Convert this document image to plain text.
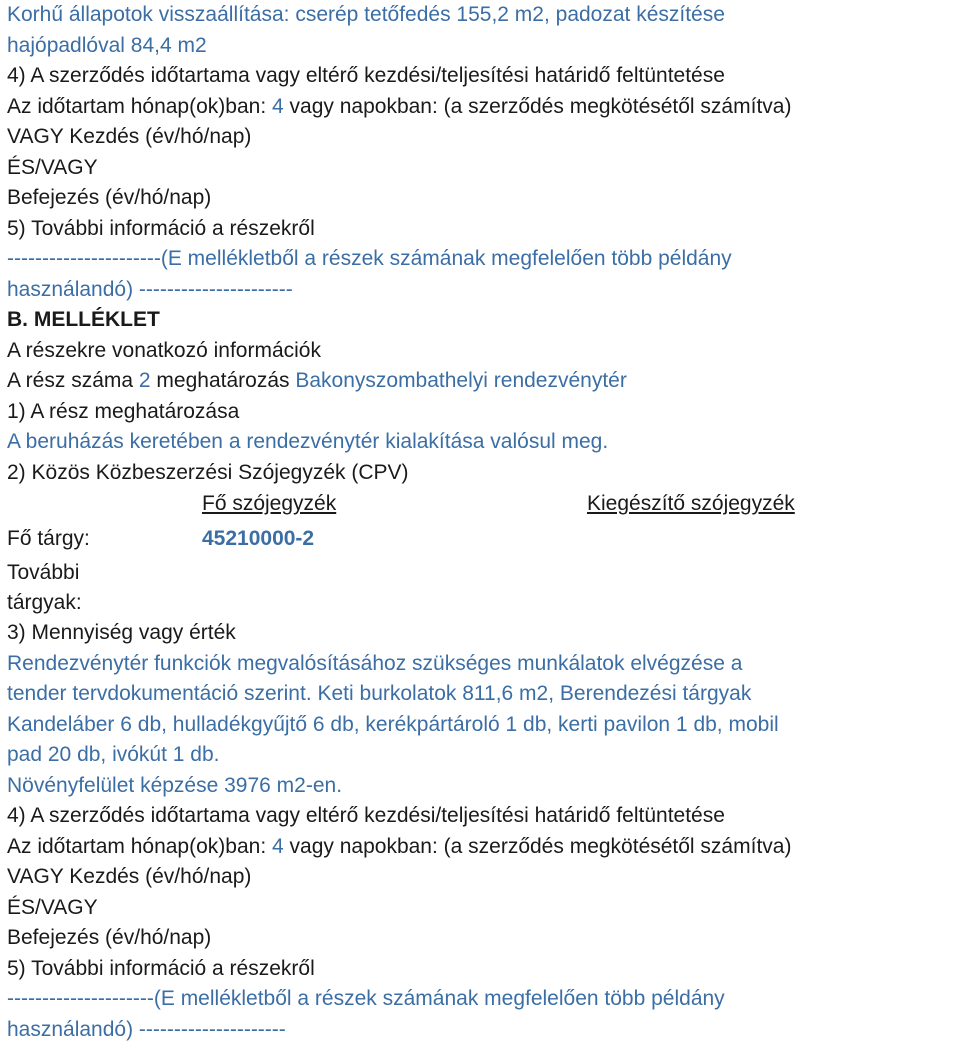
Korhű állapotok visszaállítása: cserép tetőfedés 155,2 m2, padozat készítése
hajópadlóval 84,4 m2
4) A szerződés időtartama vagy eltérő kezdési/teljesítési határidő feltüntetése
Az időtartam hónap(ok)ban: 4 vagy napokban: (a szerződés megkötésétől számítva)
VAGY Kezdés (év/hó/nap)
ÉS/VAGY
Befejezés (év/hó/nap)
5) További információ a részekről
----------------------(E mellékletből a részek számának megfelelően több példány
használandó) ----------------------
B. MELLÉKLET
A részekre vonatkozó információk
A rész száma 2 meghatározás Bakonyszombathelyi rendezvénytér
1) A rész meghatározása
A beruházás keretében a rendezvénytér kialakítása valósul meg.
2) Közös Közbeszerzési Szójegyzék (CPV)
Fő szójegyzék	Kiegészítő szójegyzék
Fő tárgy:	45210000-2
További
tárgyak:
3) Mennyiség vagy érték
Rendezvénytér funkciók megvalósításához szükséges munkálatok elvégzése a
tender tervdokumentáció szerint. Keti burkolatok 811,6 m2, Berendezési tárgyak
Kandeláber 6 db, hulladékgyűjtő 6 db, kerékpártároló 1 db, kerti pavilon 1 db, mobil
pad 20 db, ivókút 1 db.
Növényfelület képzése 3976 m2-en.
4) A szerződés időtartama vagy eltérő kezdési/teljesítési határidő feltüntetése
Az időtartam hónap(ok)ban: 4 vagy napokban: (a szerződés megkötésétől számítva)
VAGY Kezdés (év/hó/nap)
ÉS/VAGY
Befejezés (év/hó/nap)
5) További információ a részekről
---------------------(E mellékletből a részek számának megfelelően több példány
használandó) ---------------------
